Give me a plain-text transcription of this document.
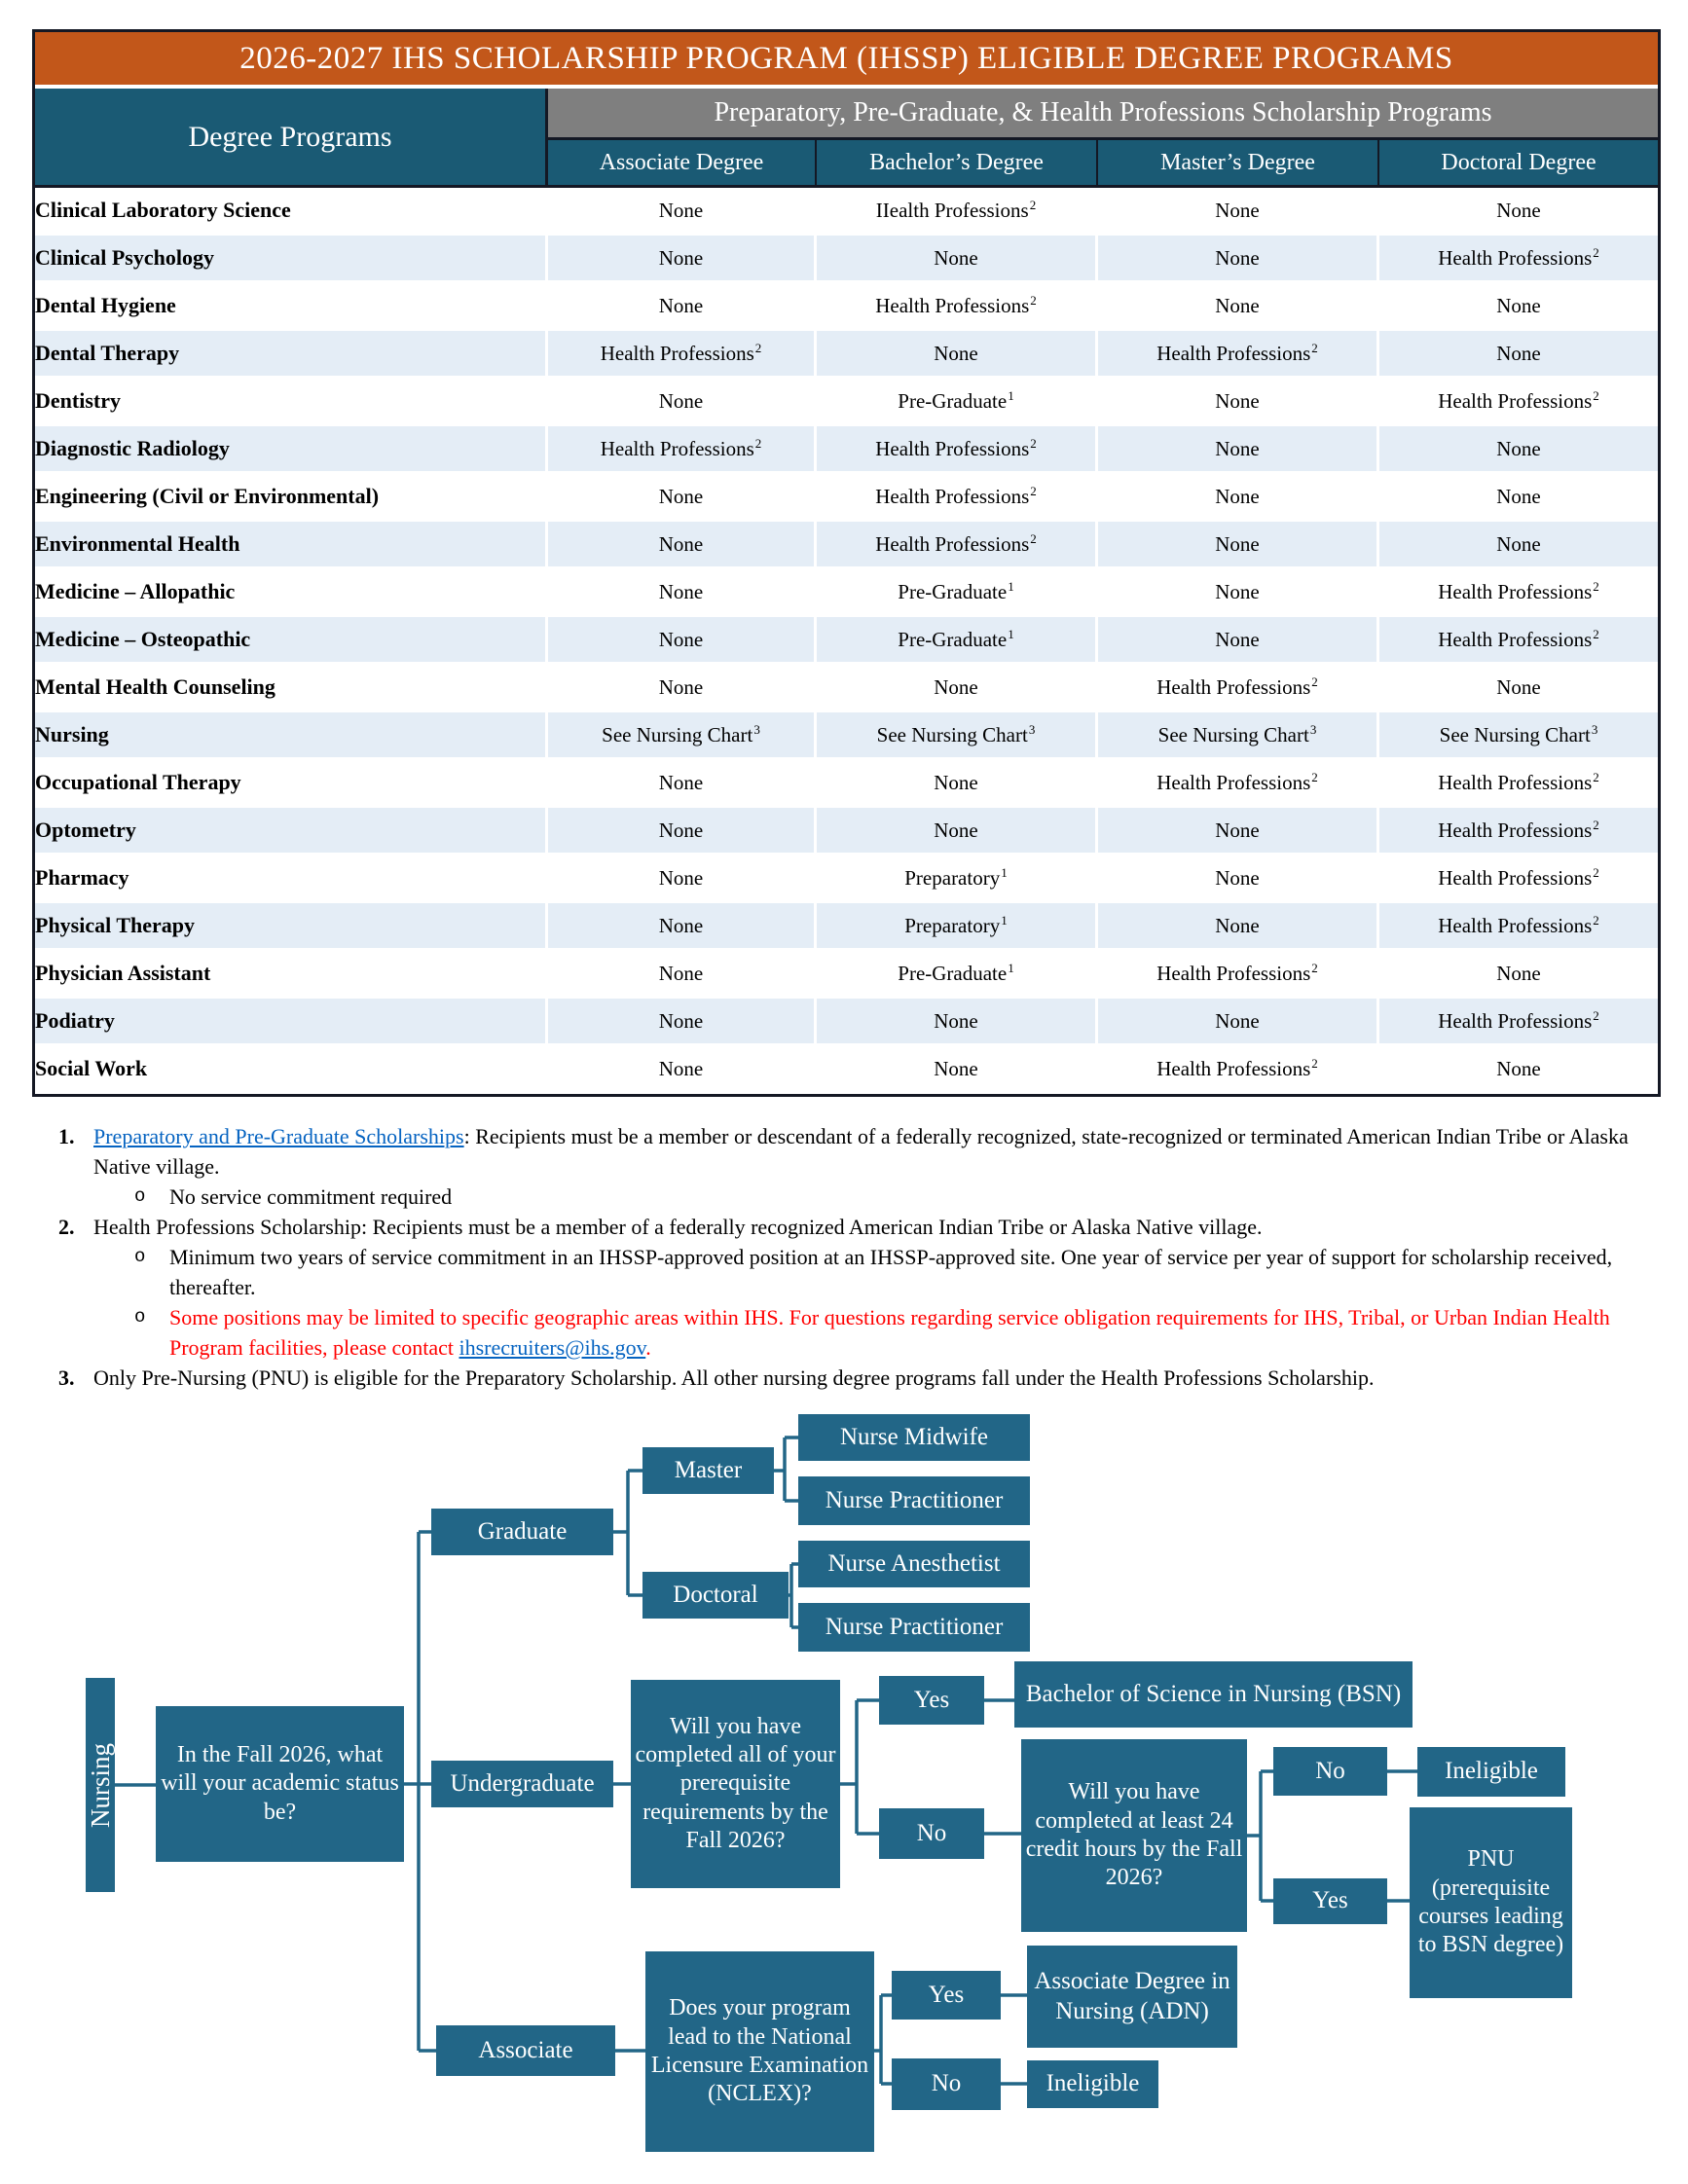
2026-2027 IHS SCHOLARSHIP PROGRAM (IHSSP) ELIGIBLE DEGREE PROGRAMS				
Degree Programs	Preparatory, Pre-Graduate, & Health Professions Scholarship Programs			
	Associate Degree	Bachelor’s Degree	Master’s Degree	Doctoral Degree
Clinical Laboratory Science	None	IIealth Professions$^2$	None	None
Clinical Psychology	None	None	None	Health Professions$^2$
Dental Hygiene	None	Health Professions$^2$	None	None
Dental Therapy	Health Professions$^2$	None	Health Professions$^2$	None
Dentistry	None	Pre-Graduate$^1$	None	Health Professions$^2$
Diagnostic Radiology	Health Professions$^2$	Health Professions$^2$	None	None
Engineering (Civil or Environmental)	None	Health Professions$^2$	None	None
Environmental Health	None	Health Professions$^2$	None	None
Medicine – Allopathic	None	Pre-Graduate$^1$	None	Health Professions$^2$
Medicine – Osteopathic	None	Pre-Graduate$^1$	None	Health Professions$^2$
Mental Health Counseling	None	None	Health Professions$^2$	None
Nursing	See Nursing Chart$^3$	See Nursing Chart$^3$	See Nursing Chart$^3$	See Nursing Chart$^3$
Occupational Therapy	None	None	Health Professions$^2$	Health Professions$^2$
Optometry	None	None	None	Health Professions$^2$
Pharmacy	None	Preparatory$^1$	None	Health Professions$^2$
Physical Therapy	None	Preparatory$^1$	None	Health Professions$^2$
Physician Assistant	None	Pre-Graduate$^1$	Health Professions$^2$	None
Podiatry	None	None	None	Health Professions$^2$
Social Work	None	None	Health Professions$^2$	None
1. Preparatory and Pre-Graduate Scholarships: Recipients must be a member or descendant of a federally recognized, state-recognized or terminated American Indian Tribe or Alaska Native village.
o	No service commitment required
2. Health Professions Scholarship: Recipients must be a member of a federally recognized American Indian Tribe or Alaska Native village.
o	Minimum two years of service commitment in an IHSSP-approved position at an IHSSP-approved site. One year of service per year of support for scholarship received, thereafter.
o	Some positions may be limited to specific geographic areas within IHS. For questions regarding service obligation requirements for IHS, Tribal, or Urban Indian Health Program facilities, please contact ihsrecruiters@ihs.gov.
3. Only Pre-Nursing (PNU) is eligible for the Preparatory Scholarship. All other nursing degree programs fall under the Health Professions Scholarship.
Nursing	In the Fall 2026, what will your academic status be?
Graduate
Undergraduate
Associate
Master
Doctoral
Nurse Midwife
Nurse Practitioner
Nurse Anesthetist
Nurse Practitioner
Will you have completed all of your prerequisite requirements by the Fall 2026?
Yes
No
Bachelor of Science in Nursing (BSN)
Will you have completed at least 24 credit hours by the Fall 2026?
No	Ineligible
Yes
PNU (prerequisite courses leading to BSN degree)
Does your program lead to the National Licensure Examination (NCLEX)?
Yes
Associate Degree in Nursing (ADN)
No	Ineligible
